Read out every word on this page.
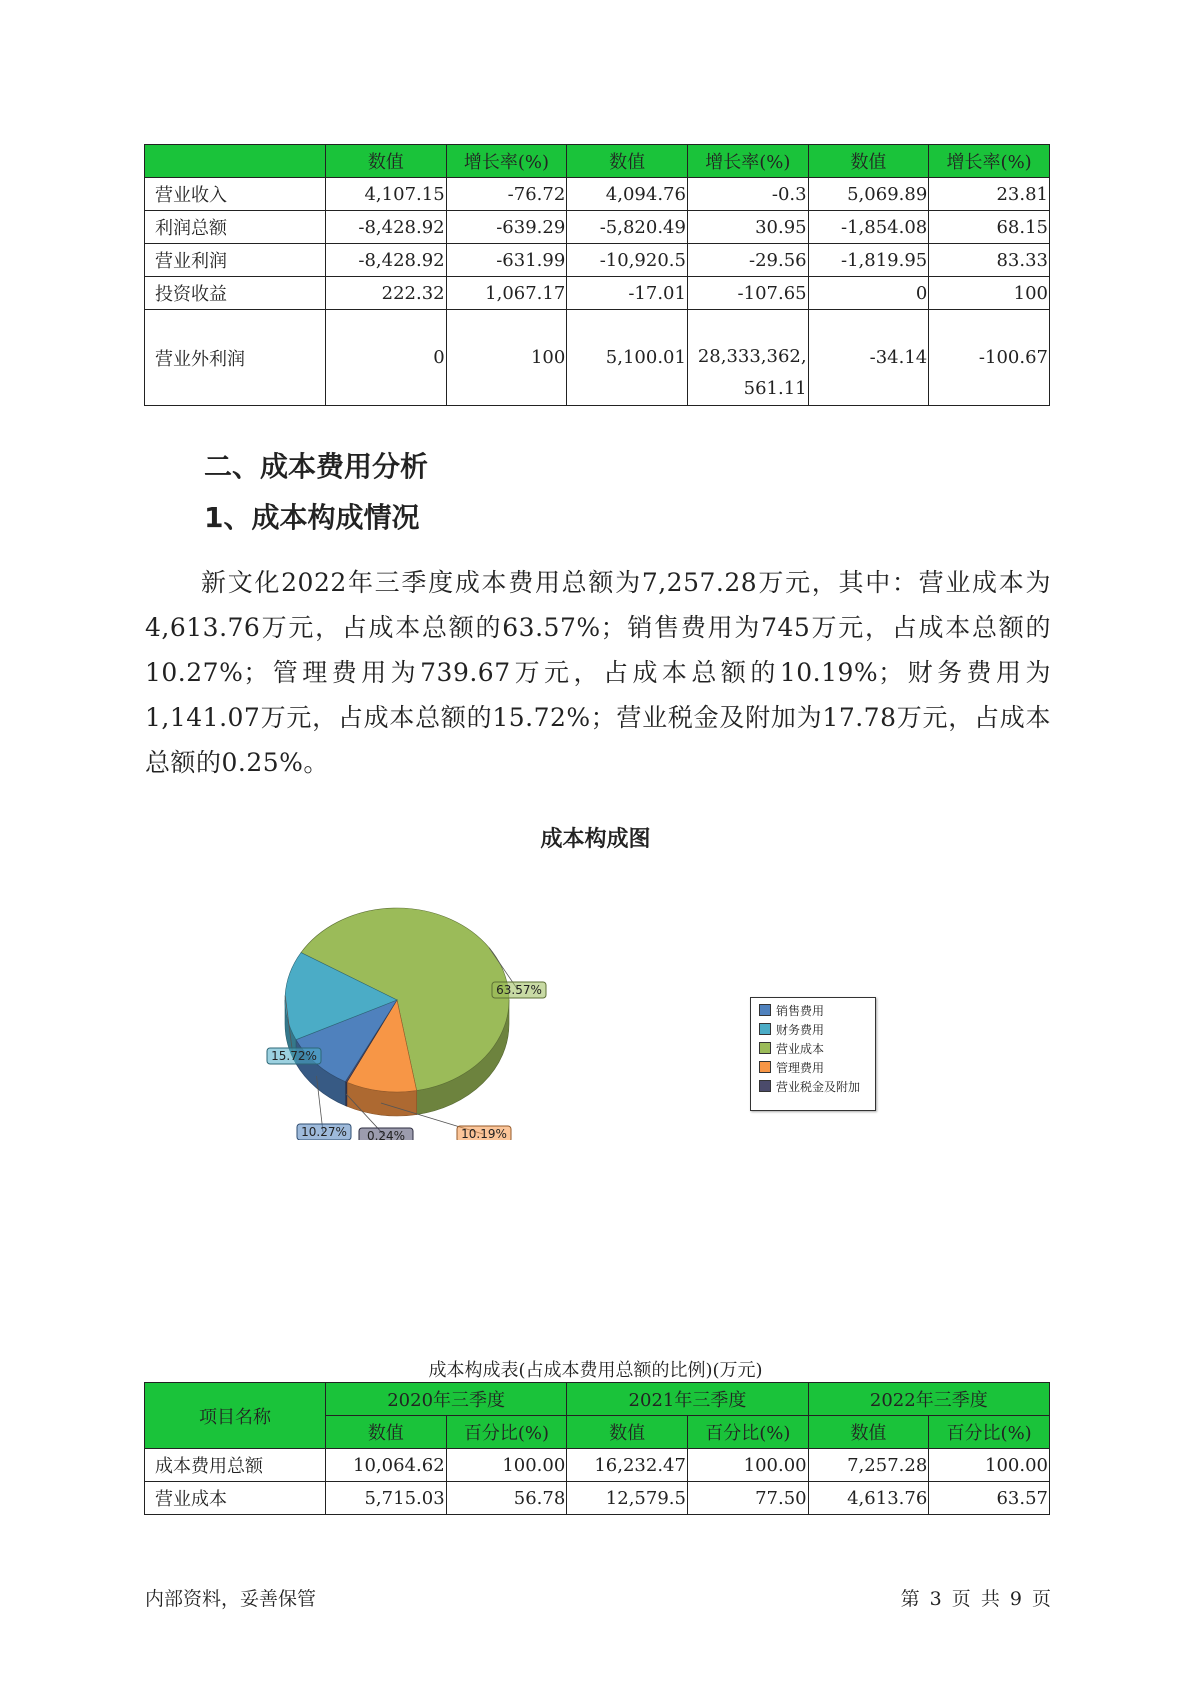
	数值	增长率(%)	数值	增长率(%)	数值	增长率(%)
营业收入	4,107.15	-76.72	4,094.76	-0.3	5,069.89	23.81
利润总额	-8,428.92	-639.29	-5,820.49	30.95	-1,854.08	68.15
营业利润	-8,428.92	-631.99	-10,920.5	-29.56	-1,819.95	83.33
投资收益	222.32	1,067.17	-17.01	-107.65	0	100
营业外利润	0	100	5,100.01	28,333,362,561.11	-34.14	-100.67
二、成本费用分析
1、成本构成情况
新文化2022年三季度成本费用总额为7,257.28万元，其中：营业成本为4,613.76万元，占成本总额的63.57%；销售费用为745万元，占成本总额的10.27%；管理费用为739.67万元，占成本总额的10.19%；财务费用为1,141.07万元，占成本总额的15.72%；营业税金及附加为17.78万元，占成本总额的0.25%。
成本构成图
63.57%
10.19%
0.24%
10.27%
15.72%
销售费用
财务费用
营业成本
管理费用
营业税金及附加
成本构成表(占成本费用总额的比例)(万元)
项目名称	2020年三季度		2021年三季度		2022年三季度	
	数值	百分比(%)	数值	百分比(%)	数值	百分比(%)
成本费用总额	10,064.62	100.00	16,232.47	100.00	7,257.28	100.00
营业成本	5,715.03	56.78	12,579.5	77.50	4,613.76	63.57
内部资料，妥善保管	第 3 页 共 9 页
